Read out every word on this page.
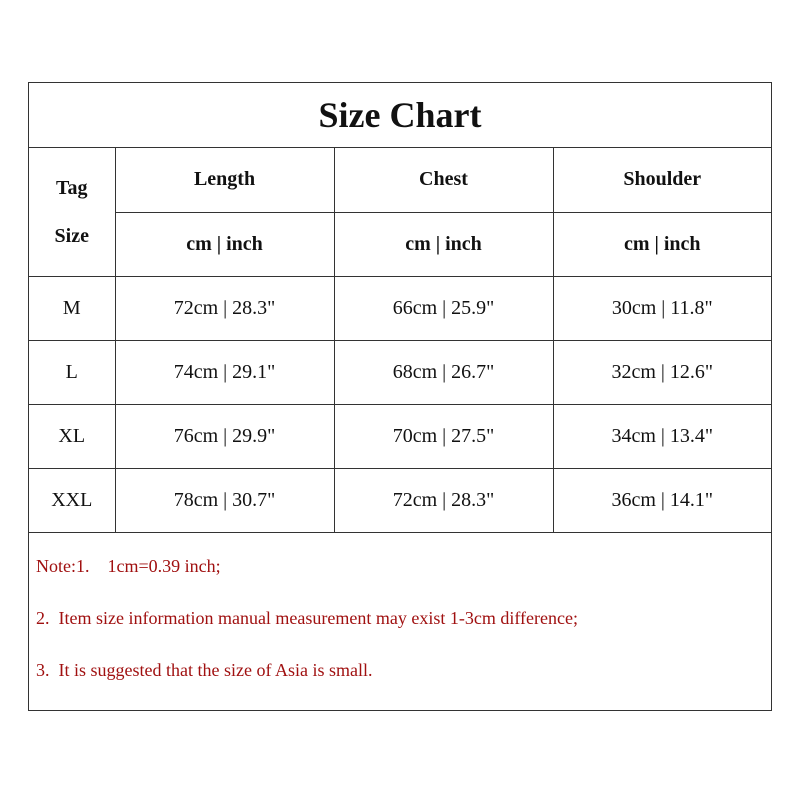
Size Chart
Tag
Size	Length	Chest	Shoulder
	cm | inch	cm | inch	cm | inch
M	72cm | 28.3"	66cm | 25.9"	30cm | 11.8"
L	74cm | 29.1"	68cm | 26.7"	32cm | 12.6"
XL	76cm | 29.9"	70cm | 27.5"	34cm | 13.4"
XXL	78cm | 30.7"	72cm | 28.3"	36cm | 14.1"
Note:1.    1cm=0.39 inch;
2.  Item size information manual measurement may exist 1-3cm difference;
3.  It is suggested that the size of Asia is small.
